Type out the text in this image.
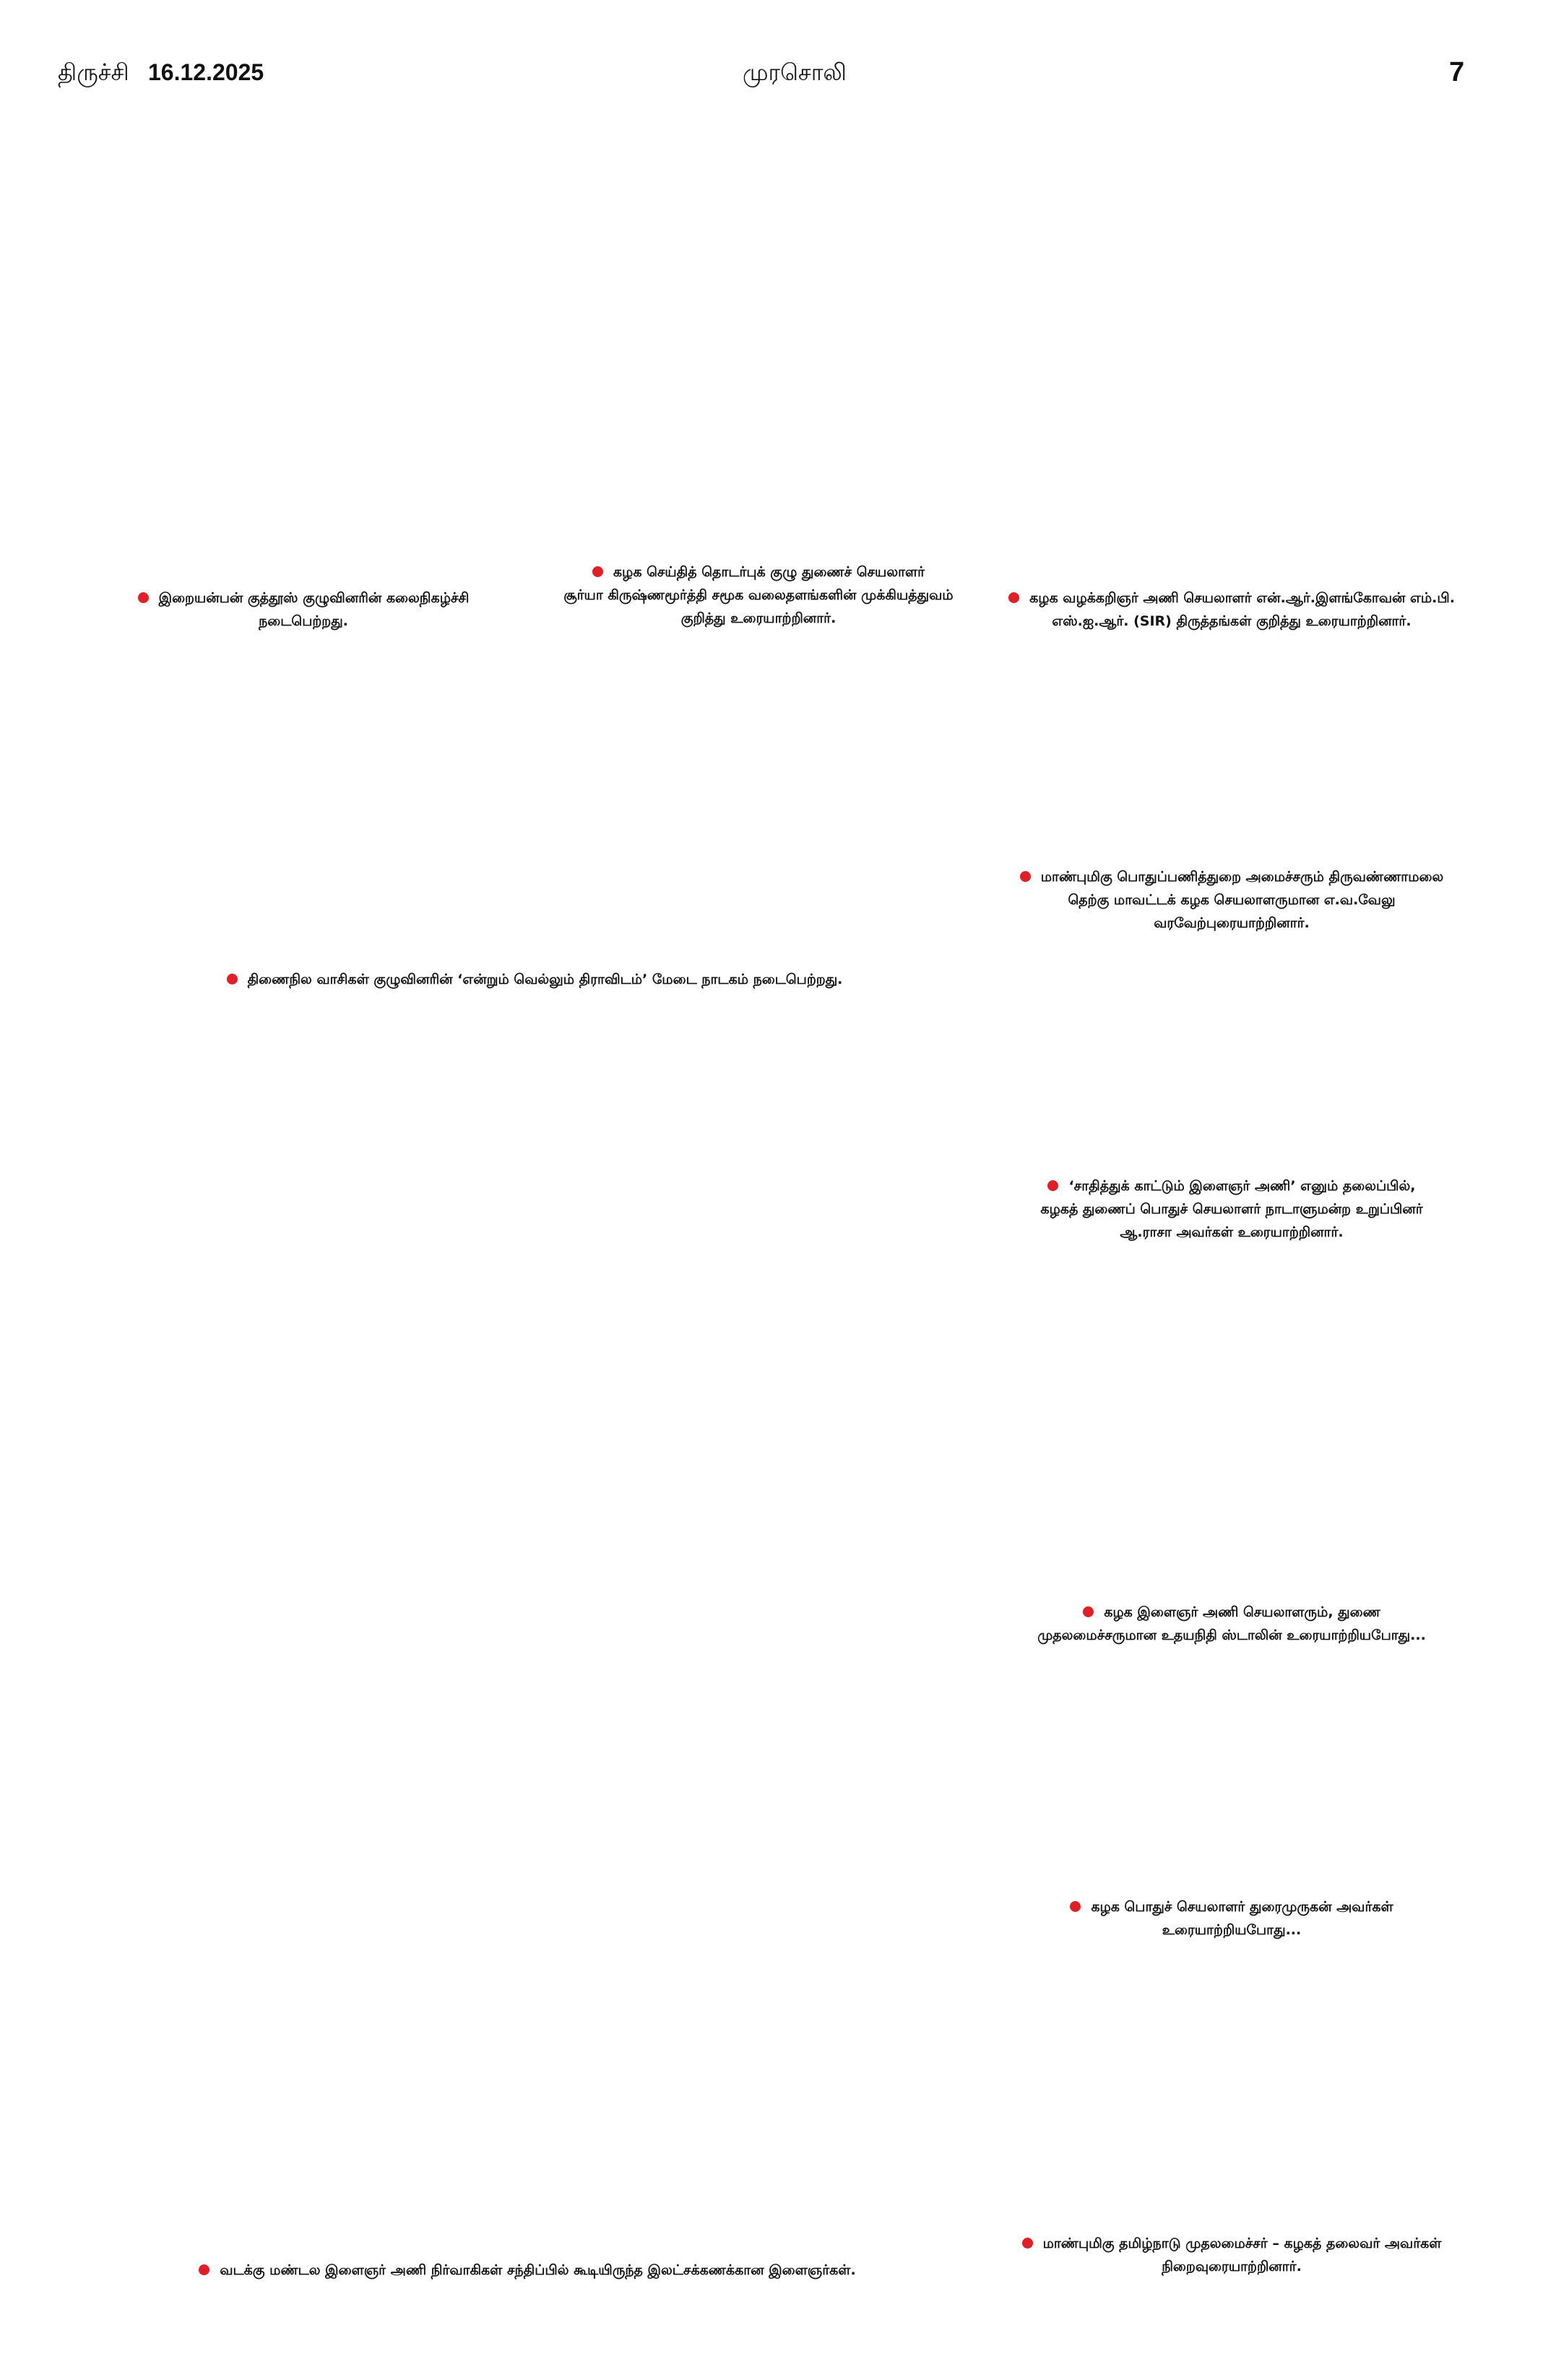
திருச்சி 16.12.2025	முரசொலி	7
இறையன்பன் குத்தூஸ் குழுவினரின் கலைநிகழ்ச்சி
நடைபெற்றது.
கழக செய்தித் தொடர்புக் குழு துணைச் செயலாளர்
சூர்யா கிருஷ்ணமூர்த்தி சமூக வலைதளங்களின் முக்கியத்துவம்
குறித்து உரையாற்றினார்.
கழக வழக்கறிஞர் அணி செயலாளர் என்.ஆர்.இளங்கோவன் எம்.பி.
எஸ்.ஐ.ஆர். (SIR) திருத்தங்கள் குறித்து உரையாற்றினார்.
மாண்புமிகு பொதுப்பணித்துறை அமைச்சரும் திருவண்ணாமலை
தெற்கு மாவட்டக் கழக செயலாளருமான எ.வ.வேலு
வரவேற்புரையாற்றினார்.
திணைநில வாசிகள் குழுவினரின் ‘என்றும் வெல்லும் திராவிடம்’ மேடை நாடகம் நடைபெற்றது.
‘சாதித்துக் காட்டும் இளைஞர் அணி’ எனும் தலைப்பில்,
கழகத் துணைப் பொதுச் செயலாளர் நாடாளுமன்ற உறுப்பினர்
ஆ.ராசா அவர்கள் உரையாற்றினார்.
கழக இளைஞர் அணி செயலாளரும், துணை
முதலமைச்சருமான உதயநிதி ஸ்டாலின் உரையாற்றியபோது...
கழக பொதுச் செயலாளர் துரைமுருகன் அவர்கள்
உரையாற்றியபோது...
வடக்கு மண்டல இளைஞர் அணி நிர்வாகிகள் சந்திப்பில் கூடியிருந்த இலட்சக்கணக்கான இளைஞர்கள்.
மாண்புமிகு தமிழ்நாடு முதலமைச்சர் – கழகத் தலைவர் அவர்கள்
நிறைவுரையாற்றினார்.
